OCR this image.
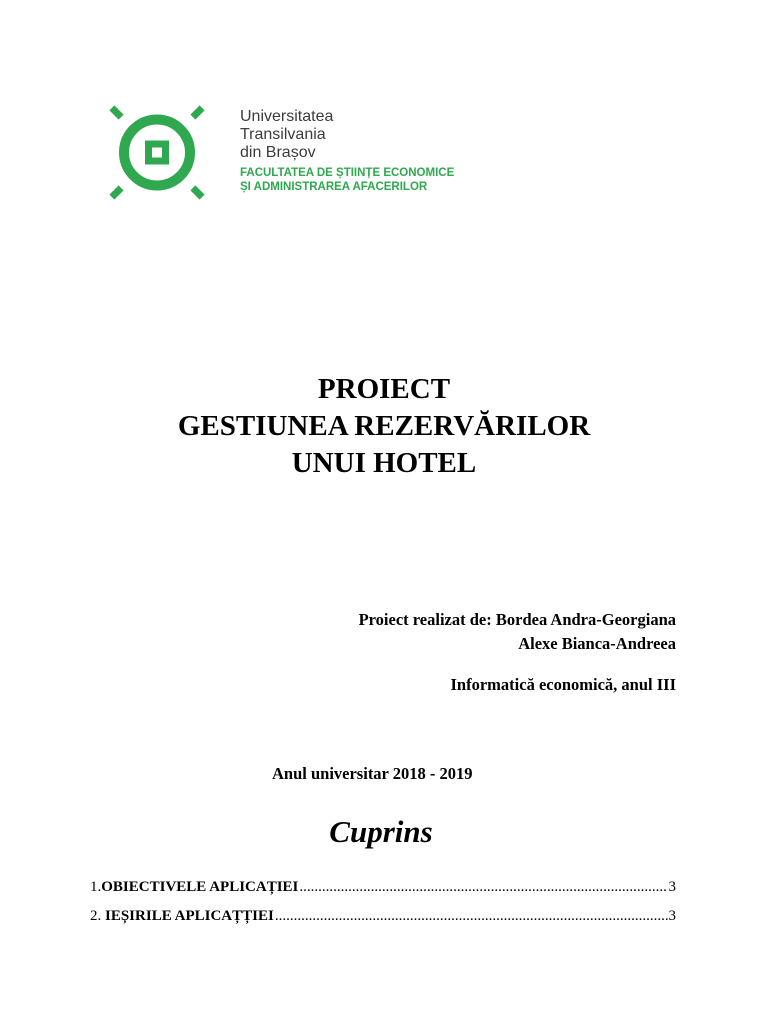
Universitatea
Transilvania
din Brașov
FACULTATEA DE ȘTIINȚE ECONOMICE
ȘI ADMINISTRAREA AFACERILOR
PROIECT
GESTIUNEA REZERVĂRILOR
UNUI HOTEL
Proiect realizat de: Bordea Andra-Georgiana
Alexe Bianca-Andreea
Informatică economică, anul III
Anul universitar 2018 - 2019
Cuprins
1. OBIECTIVELE APLICAȚIEI .....	3
2. IEȘIRILE APLICAȚȚIEI .....	3
